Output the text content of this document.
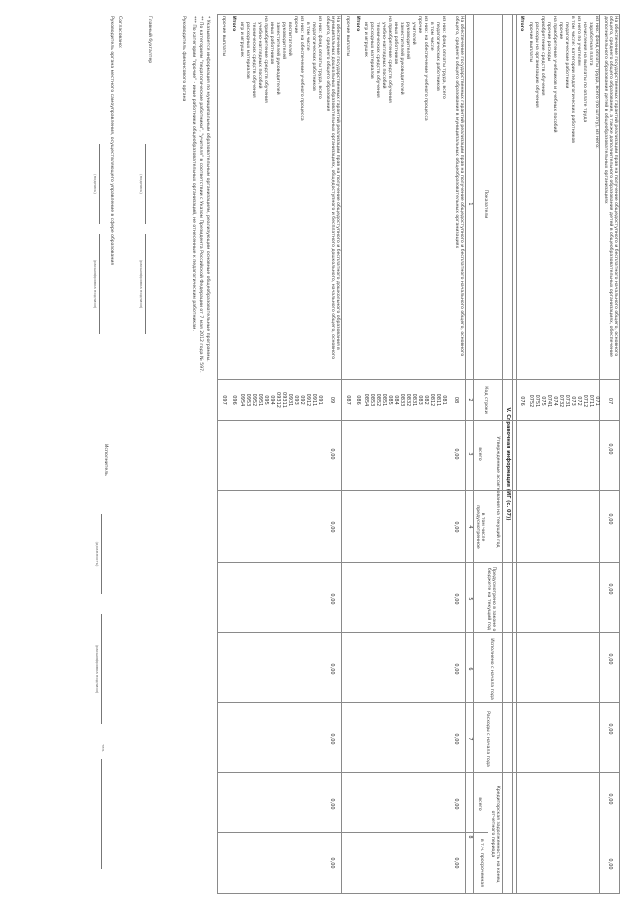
На обеспечение государственных гарантий реализации прав на получение общедоступного и бесплатного начального общего, основного общего, среднего общего образования, а также дополнительного образования детей в общеобразовательных организациях, обеспечение дополнительного образования детей в общеобразовательных организациях
07
0,00
0,00
0,00
0,00
0,00
0,00
0,00
из них: фонд оплаты труда, всего (по штату), из него:
071
заработная плата
0711
начисления на выплаты по оплате труда
0712
из него по учителям
072
в том числе: категории педагогических работников
073
педагогические работники
0731
прочие
0732
на приобретение учебников и учебных пособий
074
прочие расходы
0741
приобретение средств обучения
075
расходы на организацию обучения
0751
прочие выплаты
0752
Итого
076
V. Справочная информация (ИГ (с. 07))
Показатели
Код строки
Утвержденные ассигнования на текущий год
всего
в том числе предусмотренное
Предусмотрено в законе о бюджете на текущий год
Исполнено с начала года
Расходы с начала года
Кредиторская задолженность на конец отчетного периода
всего
в т.ч. просроченная
1
2
3
4
5
6
7
8
На обеспечение государственных гарантий реализации прав на получение общедоступного и бесплатного начального общего, основного общего, среднего общего образования в муниципальных общеобразовательных организациях
08
0,00
0,00
0,00
0,00
0,00
0,00
0,00
из них: фонд оплаты труда, всего
081
педагогических работников
0811
в том числе
0812
из них: на обеспечение учебного процесса
082
прочие
083
учителей
0831
руководителей
0832
заместителей руководителей
0833
иных работников
084
на приобретение средств обучения
085
учебно-наглядных пособий
0851
технических средств обучения
0852
расходных материалов
0853
игр и игрушек
0854
Итого
086
прочие выплаты
087
На обеспечение государственных гарантий реализации прав на получение общедоступного и бесплатного дошкольного образования в муниципальных дошкольных образовательных организациях, общедоступного и бесплатного дошкольного, начального общего, основного общего, среднего общего образования
09
0,00
0,00
0,00
0,00
0,00
0,00
0,00
из них: фонд оплаты труда, всего
091
педагогических работников
0911
в том числе
0912
из них: на обеспечение учебного процесса
092
прочие
093
воспитателей
0931
руководителей
09311
заместителей руководителей
09312
иных работников
094
на приобретение средств обучения
095
учебно-наглядных пособий
0951
технических средств обучения
0952
расходных материалов
0953
игр и игрушек
0954
Итого
096
прочие выплаты
097
* Указывается информация по муниципальным образовательным организациям, реализующим основные общеобразовательные программы.
** По категориям "педагогические работники", "учителя" в соответствии с Указом Президента Российской Федерации от 7 мая 2012 года № 597.
*** По категории "прочие" - иные работники общеобразовательных организаций, не отнесенные к педагогическим работникам.
Руководитель финансового органа
Главный бухгалтер
(подпись)
(расшифровка подписи)
Согласовано:
Руководитель органа местного самоуправления, осуществляющего управление в сфере образования
(подпись)
(расшифровка подписи)
Исполнитель
(должность)
(расшифровка подписи)
тел.
